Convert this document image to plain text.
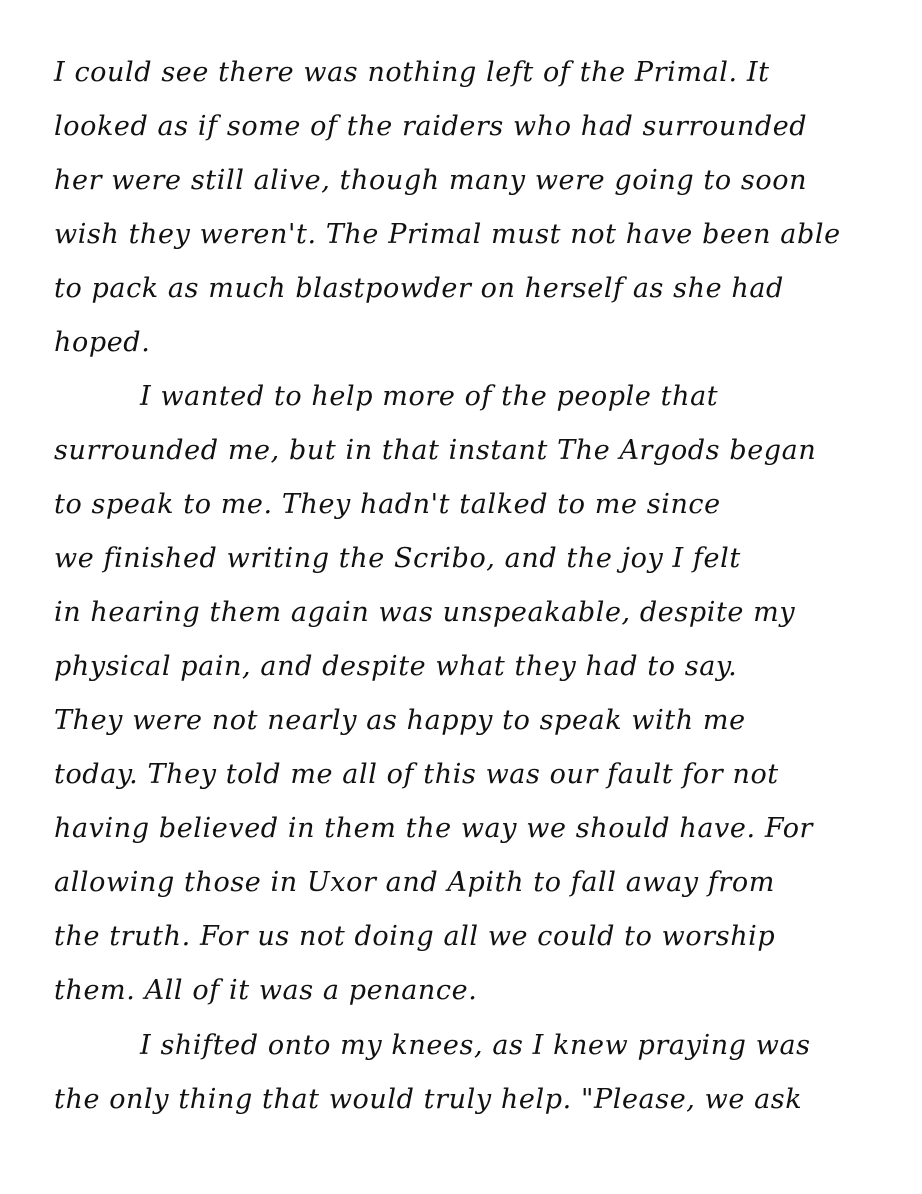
I could see there was nothing left of the Primal. It
looked as if some of the raiders who had surrounded
her were still alive, though many were going to soon
wish they weren't. The Primal must not have been able
to pack as much blastpowder on herself as she had
hoped.
I wanted to help more of the people that
surrounded me, but in that instant The Argods began
to speak to me. They hadn't talked to me since
we finished writing the Scribo, and the joy I felt
in hearing them again was unspeakable, despite my
physical pain, and despite what they had to say.
They were not nearly as happy to speak with me
today. They told me all of this was our fault for not
having believed in them the way we should have. For
allowing those in Uxor and Apith to fall away from
the truth. For us not doing all we could to worship
them. All of it was a penance.
I shifted onto my knees, as I knew praying was
the only thing that would truly help. "Please, we ask
